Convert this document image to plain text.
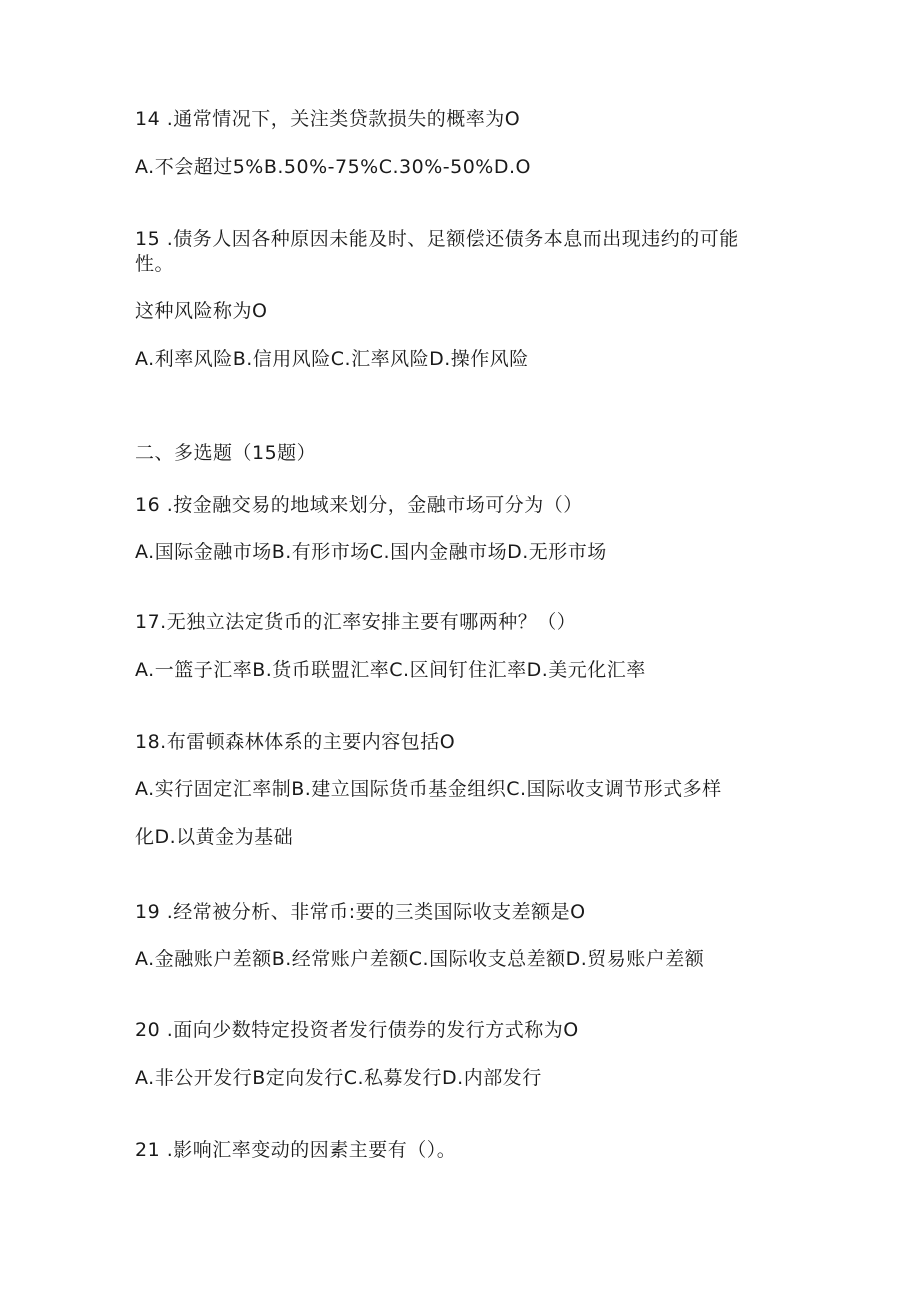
14 .通常情况下，关注类贷款损失的概率为O
A.不会超过5%B.50%-75%C.30%-50%D.O
15 .债务人因各种原因未能及时、足额偿还债务本息而出现违约的可能
性。
这种风险称为O
A.利率风险B.信用风险C.汇率风险D.操作风险
二、多选题（15题）
16 .按金融交易的地域来划分，金融市场可分为（）
A.国际金融市场B.有形市场C.国内金融市场D.无形市场
17.无独立法定货币的汇率安排主要有哪两种？（）
A.一篮子汇率B.货币联盟汇率C.区间钉住汇率D.美元化汇率
18.布雷顿森林体系的主要内容包括O
A.实行固定汇率制B.建立国际货币基金组织C.国际收支调节形式多样
化D.以黄金为基础
19 .经常被分析、非常币:要的三类国际收支差额是O
A.金融账户差额B.经常账户差额C.国际收支总差额D.贸易账户差额
20 .面向少数特定投资者发行债券的发行方式称为O
A.非公开发行B定向发行C.私募发行D.内部发行
21 .影响汇率变动的因素主要有（）。
